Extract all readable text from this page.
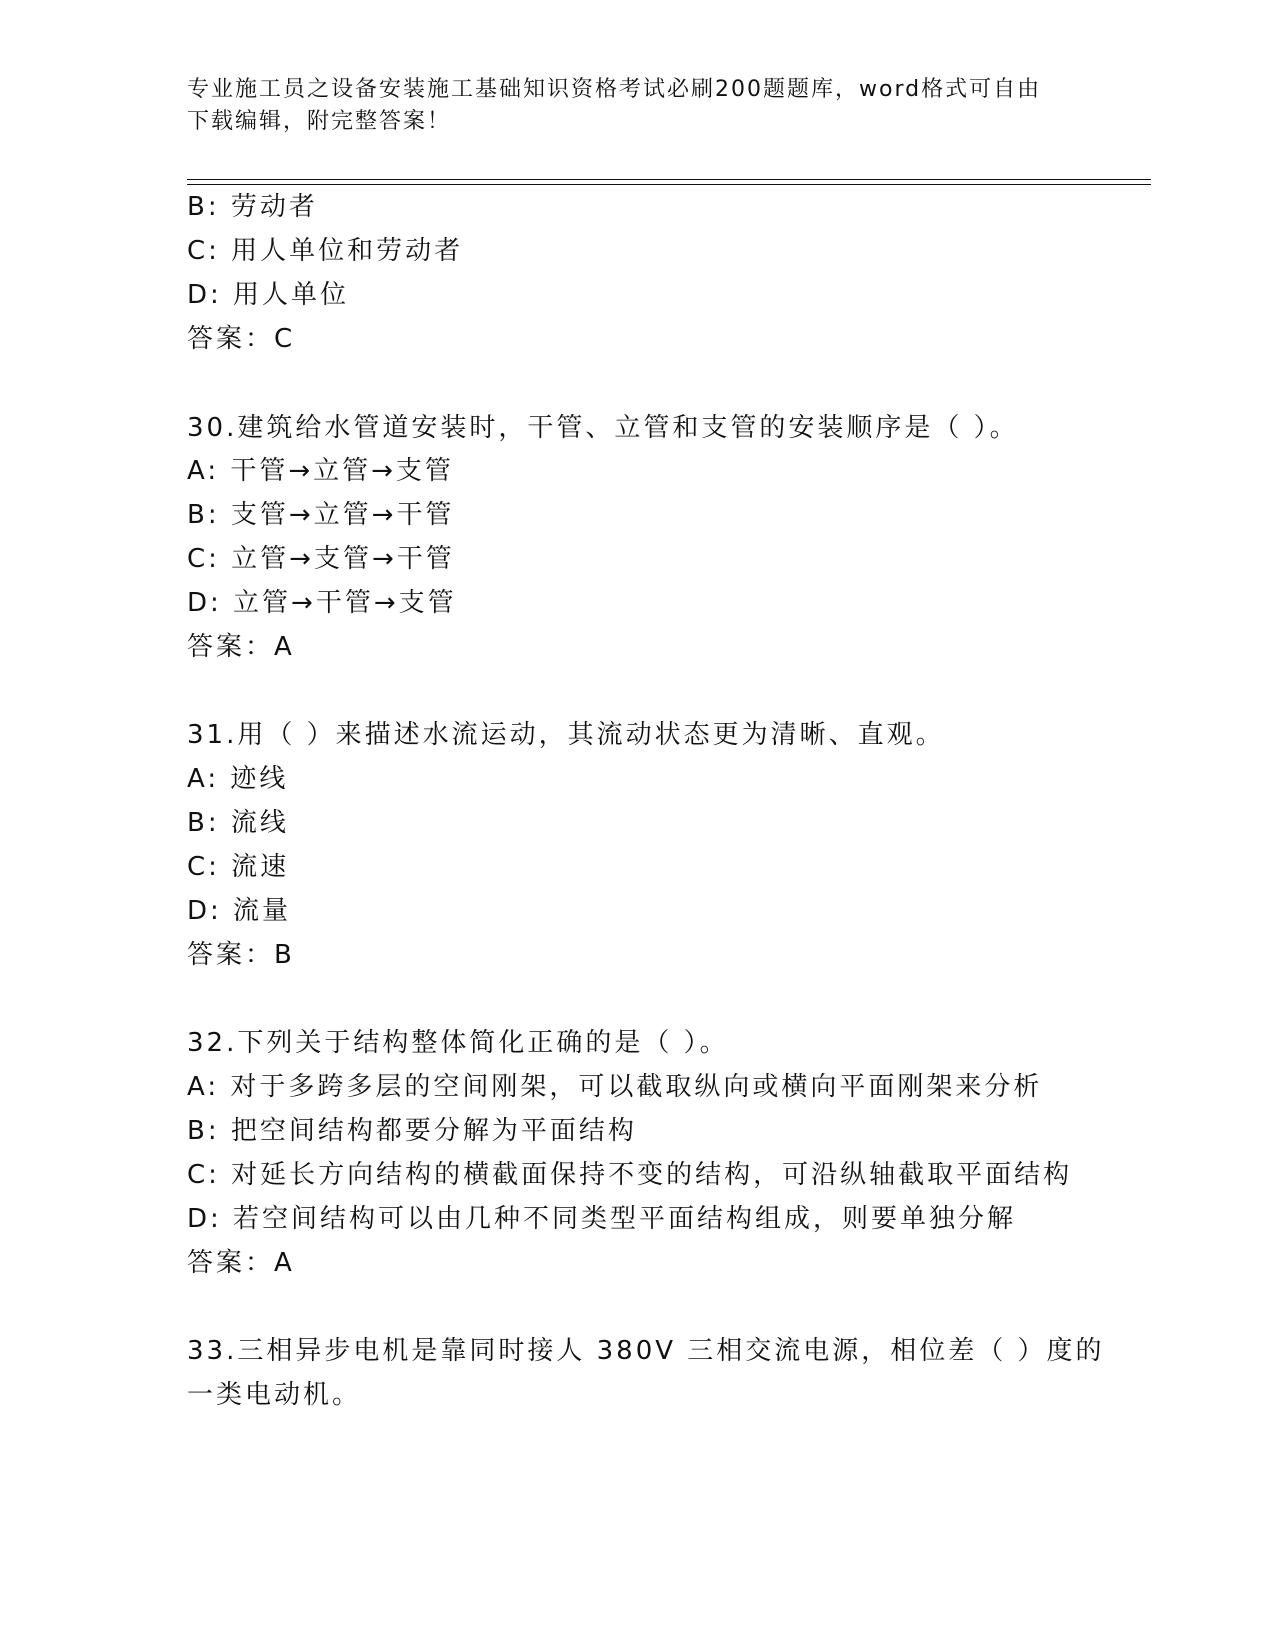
专业施工员之设备安装施工基础知识资格考试必刷200题题库，word格式可自由
下载编辑，附完整答案！
B: 劳动者
C: 用人单位和劳动者
D: 用人单位
答案：C
30.建筑给水管道安装时，干管、立管和支管的安装顺序是（ ）。
A: 干管→立管→支管
B: 支管→立管→干管
C: 立管→支管→干管
D: 立管→干管→支管
答案：A
31.用（ ）来描述水流运动，其流动状态更为清晰、直观。
A: 迹线
B: 流线
C: 流速
D: 流量
答案：B
32.下列关于结构整体简化正确的是（ ）。
A: 对于多跨多层的空间刚架，可以截取纵向或横向平面刚架来分析
B: 把空间结构都要分解为平面结构
C: 对延长方向结构的横截面保持不变的结构，可沿纵轴截取平面结构
D: 若空间结构可以由几种不同类型平面结构组成，则要单独分解
答案：A
33.三相异步电机是靠同时接人 380V 三相交流电源，相位差（ ）度的
一类电动机。
